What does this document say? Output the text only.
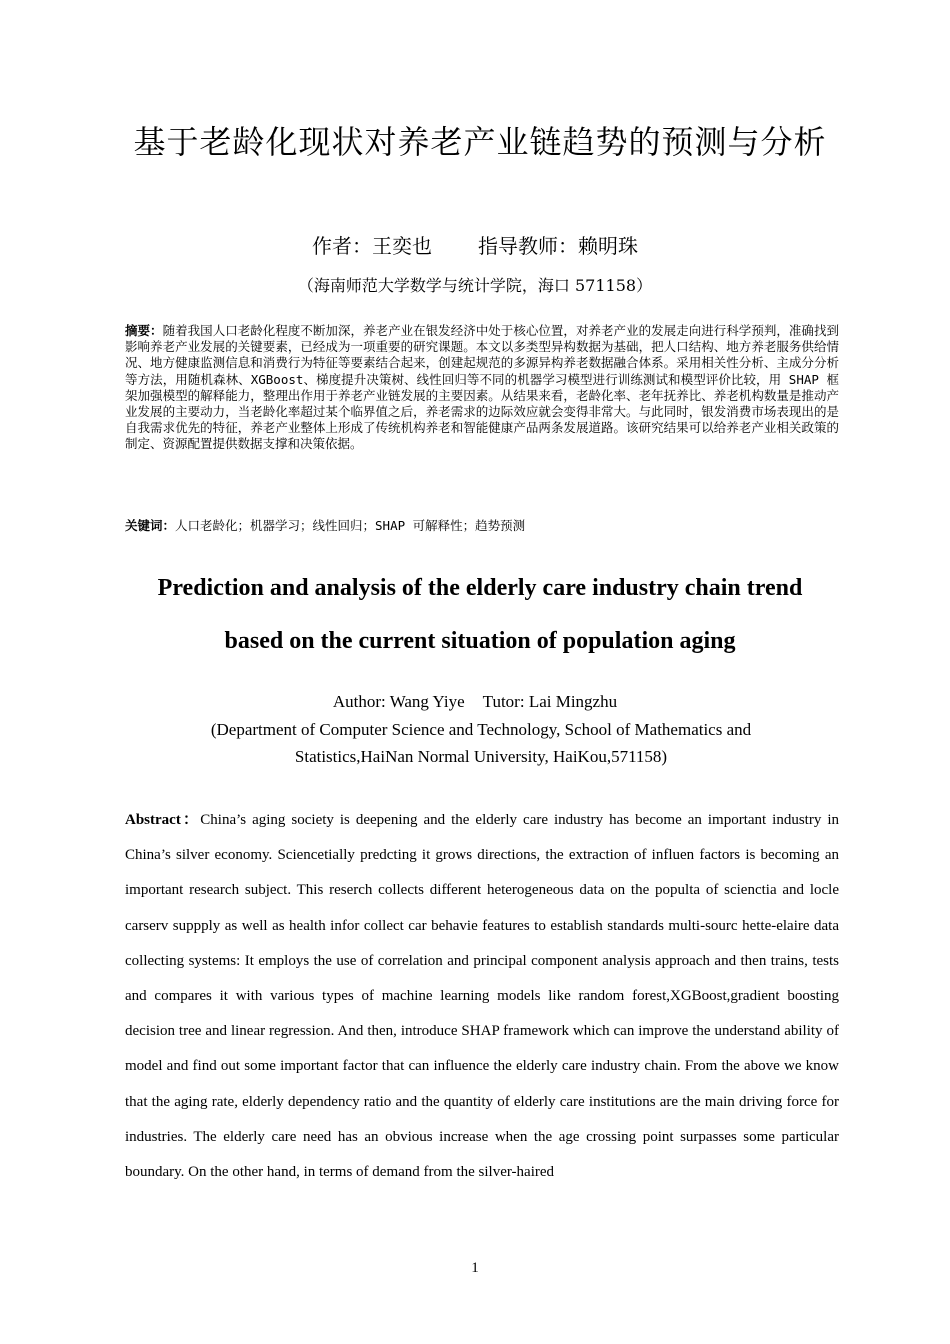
基于老龄化现状对养老产业链趋势的预测与分析
作者：王奕也 指导教师：赖明珠
（海南师范大学数学与统计学院，海口 571158）
摘要：随着我国人口老龄化程度不断加深，养老产业在银发经济中处于核心位置，对养老产业的发展走向进行科学预判，准确找到影响养老产业发展的关键要素，已经成为一项重要的研究课题。本文以多类型异构数据为基础，把人口结构、地方养老服务供给情况、地方健康监测信息和消费行为特征等要素结合起来，创建起规范的多源异构养老数据融合体系。采用相关性分析、主成分分析等方法，用随机森林、XGBoost、梯度提升决策树、线性回归等不同的机器学习模型进行训练测试和模型评价比较，用 SHAP 框架加强模型的解释能力，整理出作用于养老产业链发展的主要因素。从结果来看，老龄化率、老年抚养比、养老机构数量是推动产业发展的主要动力，当老龄化率超过某个临界值之后，养老需求的边际效应就会变得非常大。与此同时，银发消费市场表现出的是自我需求优先的特征，养老产业整体上形成了传统机构养老和智能健康产品两条发展道路。该研究结果可以给养老产业相关政策的制定、资源配置提供数据支撑和决策依据。
关键词：人口老龄化；机器学习；线性回归；SHAP 可解释性；趋势预测
Prediction and analysis of the elderly care industry chain trend
based on the current situation of population aging
Author: Wang Yiye Tutor: Lai Mingzhu
(Department of Computer Science and Technology, School of Mathematics and Statistics,HaiNan Normal University, HaiKou,571158)
Abstract：China’s aging society is deepening and the elderly care industry has become an important industry in China’s silver economy. Sciencetially predcting it grows directions, the extraction of influen factors is becoming an important research subject. This reserch collects different heterogeneous data on the populta of scienctia and locle carserv suppply as well as health infor collect car behavie features to establish standards multi-sourc hette-elaire data collecting systems: It employs the use of correlation and principal component analysis approach and then trains, tests and compares it with various types of machine learning models like random forest,XGBoost,gradient boosting decision tree and linear regression. And then, introduce SHAP framework which can improve the understand ability of model and find out some important factor that can influence the elderly care industry chain. From the above we know that the aging rate, elderly dependency ratio and the quantity of elderly care institutions are the main driving force for industries. The elderly care need has an obvious increase when the age crossing point surpasses some particular boundary. On the other hand, in terms of demand from the silver-haired
1
